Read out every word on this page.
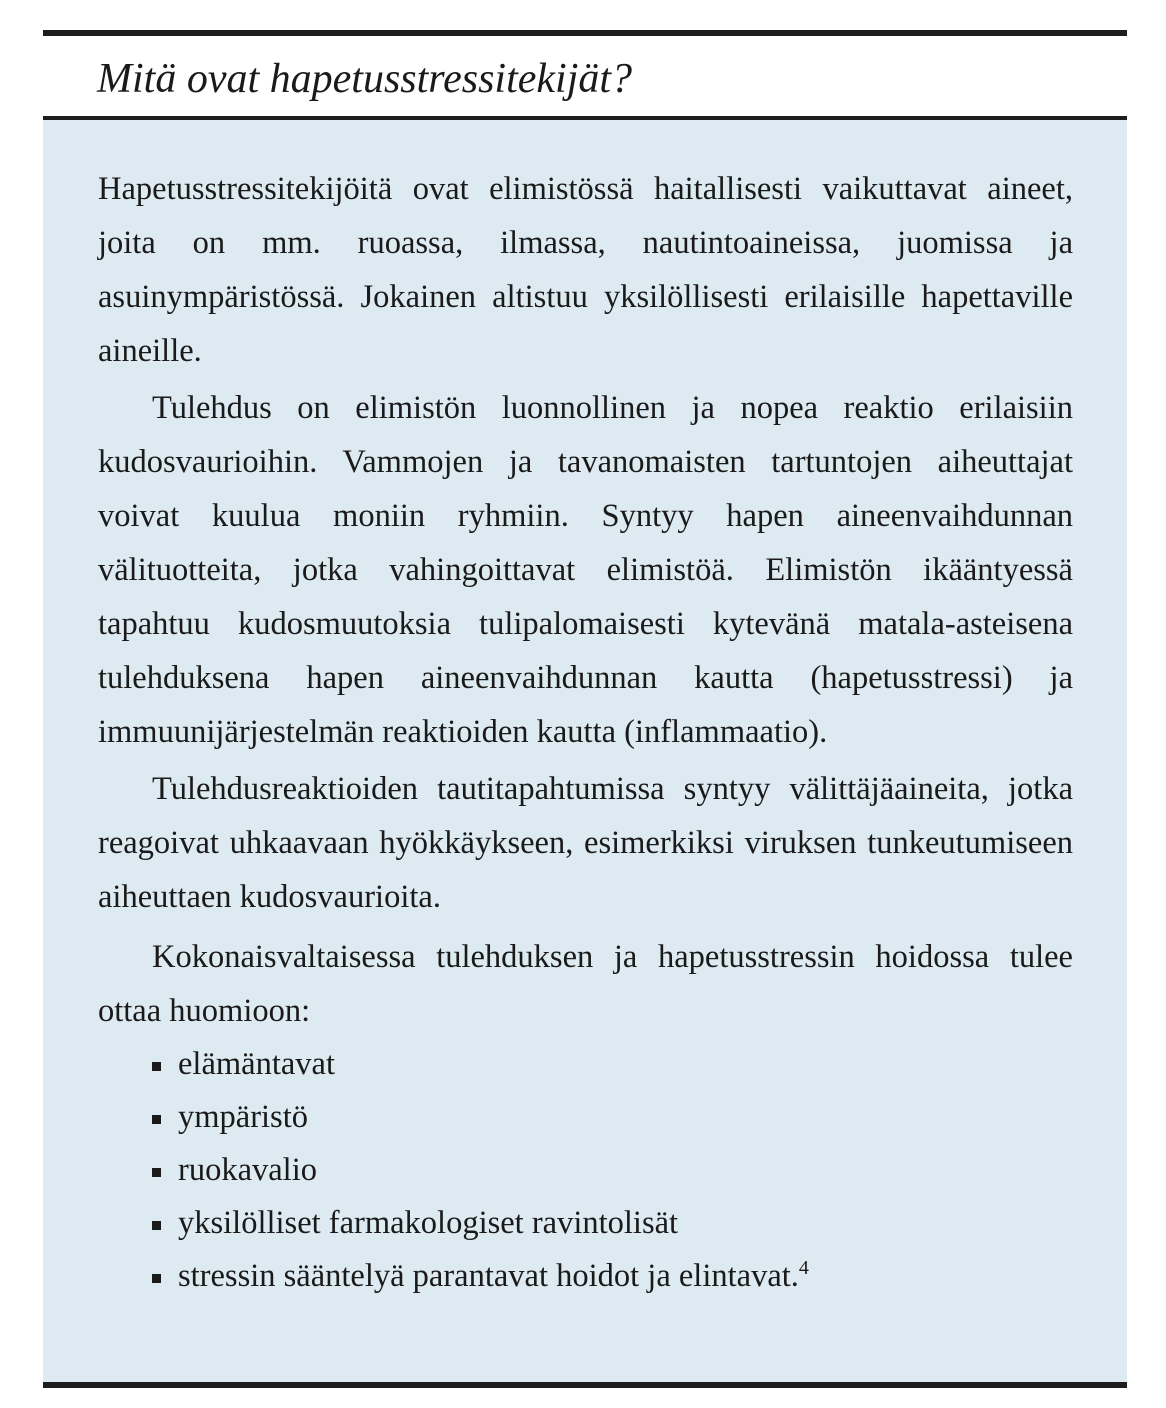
Mitä ovat hapetusstressitekijät?

Hapetusstressitekijöitä ovat elimistössä haitallisesti vaikuttavat aineet, joita on mm. ruoassa, ilmassa, nautintoaineissa, juomissa ja asuinympäristössä. Jokainen altistuu yksilöllisesti erilaisille hapettaville aineille.

Tulehdus on elimistön luonnollinen ja nopea reaktio erilaisiin kudosvaurioihin. Vammojen ja tavanomaisten tartuntojen aiheuttajat voivat kuulua moniin ryhmiin. Syntyy hapen aineenvaihdunnan välituotteita, jotka vahingoittavat elimistöä. Elimistön ikääntyessä tapahtuu kudosmuutoksia tulipalomaisesti kytevänä matala-asteisena tulehduksena hapen aineenvaihdunnan kautta (hapetusstressi) ja immuunijärjestelmän reaktioiden kautta (inflammaatio).

Tulehdusreaktioiden tautitapahtumissa syntyy välittäjäaineita, jotka reagoivat uhkaavaan hyökkäykseen, esimerkiksi viruksen tunkeutumiseen aiheuttaen kudosvaurioita.

Kokonaisvaltaisessa tulehduksen ja hapetusstressin hoidossa tulee ottaa huomioon:

elämäntavat
ympäristö
ruokavalio
yksilölliset farmakologiset ravintolisät
stressin sääntelyä parantavat hoidot ja elintavat.$^4$
